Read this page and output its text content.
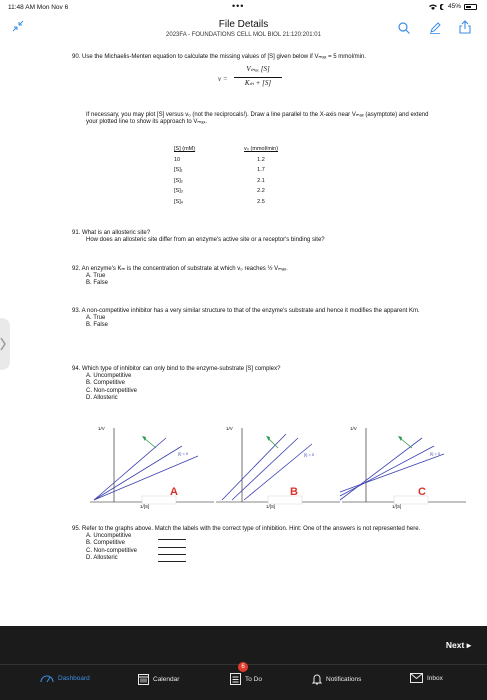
11:48 AM Mon Nov 6	•••	45%
File Details
2023FA - FOUNDATIONS CELL MOL BIOL 21:120:201:01
90. Use the Michaelis-Menten equation to calculate the missing values of [S] given below if Vₘₐₓ = 5 mmol/min.
v =
Vₘₐₓ [S]
Kₘ + [S]
If necessary, you may plot [S] versus v₀ (not the reciprocals!). Draw a line parallel to the X-axis near Vₘₐₓ (asymptote) and extend your plotted line to show its approach to Vₘₐₓ.
[S] (mM)	v₀ (mmol/min)
10	1.2
[S]₁	1.7
[S]₂	2.1
[S]₃	2.2
[S]₄	2.5
91. What is an allosteric site?
How does an allosteric site differ from an enzyme's active site or a receptor's binding site?
92. An enzyme's Kₘ is the concentration of substrate at which v₀ reaches ½ Vₘₐₓ.
A. True
B. False
93. A non-competitive inhibitor has a very similar structure to that of the enzyme's substrate and hence it modifies the apparent Km.
A. True
B. False
94. Which type of inhibitor can only bind to the enzyme-substrate [S] complex?
A. Uncompetitive
B. Competitive
C. Non-competitive
D. Allosteric
95. Refer to the graphs above. Match the labels with the correct type of inhibition. Hint: One of the answers is not represented here.
A. Uncompetitive
B. Competitive
C. Non-competitive
D. Allosteric
1/V
1/[S]
[I] = 0
A
1/V
1/[S]
[I] = 0
B
1/V
1/[S]
[I] = 0
C
Next ▸
Dashboard	Calendar	To Do	Notifications	Inbox
6
